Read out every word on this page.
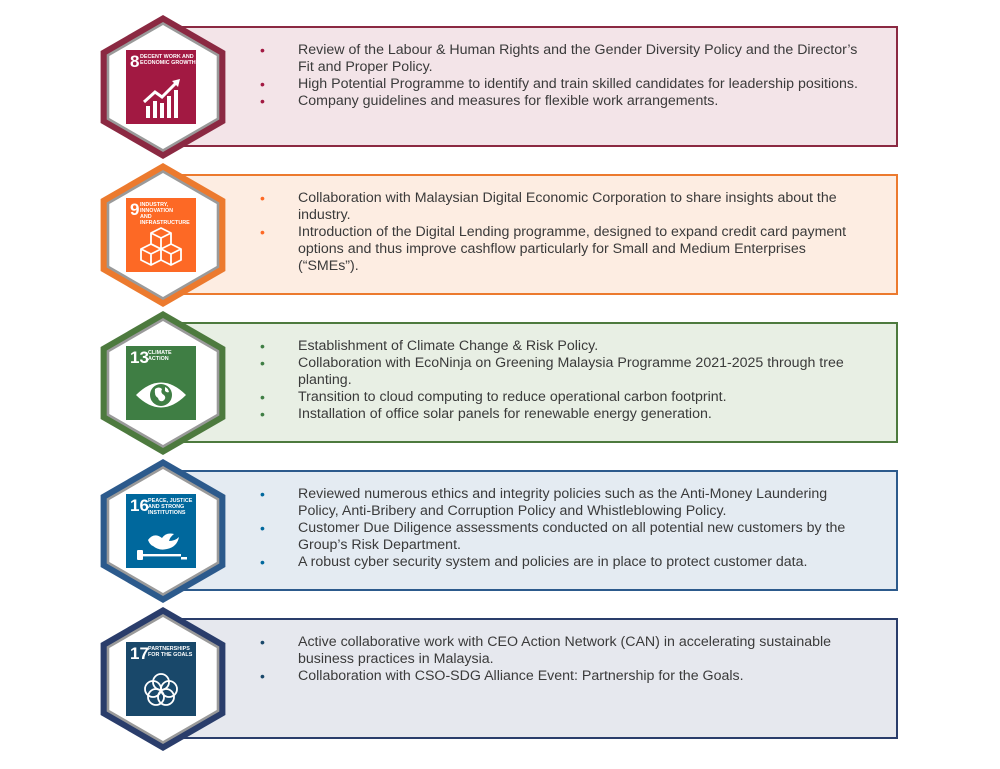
• Review of the Labour & Human Rights and the Gender Diversity Policy and the Director’s Fit and Proper Policy.
• High Potential Programme to identify and train skilled candidates for leadership positions.
• Company guidelines and measures for flexible work arrangements.
8 DECENT WORK AND
ECONOMIC GROWTH
• Collaboration with Malaysian Digital Economic Corporation to share insights about the industry.
• Introduction of the Digital Lending programme, designed to expand credit card payment options and thus improve cashflow particularly for Small and Medium Enterprises (“SMEs”).
9 INDUSTRY, INNOVATION
AND INFRASTRUCTURE
• Establishment of Climate Change & Risk Policy.
• Collaboration with EcoNinja on Greening Malaysia Programme 2021-2025 through tree planting.
• Transition to cloud computing to reduce operational carbon footprint.
• Installation of office solar panels for renewable energy generation.
13 CLIMATE
ACTION
• Reviewed numerous ethics and integrity policies such as the Anti-Money Laundering Policy, Anti-Bribery and Corruption Policy and Whistleblowing Policy.
• Customer Due Diligence assessments conducted on all potential new customers by the Group’s Risk Department.
• A robust cyber security system and policies are in place to protect customer data.
16 PEACE, JUSTICE
AND STRONG
INSTITUTIONS
• Active collaborative work with CEO Action Network (CAN) in accelerating sustainable business practices in Malaysia.
• Collaboration with CSO-SDG Alliance Event: Partnership for the Goals.
17 PARTNERSHIPS
FOR THE GOALS
